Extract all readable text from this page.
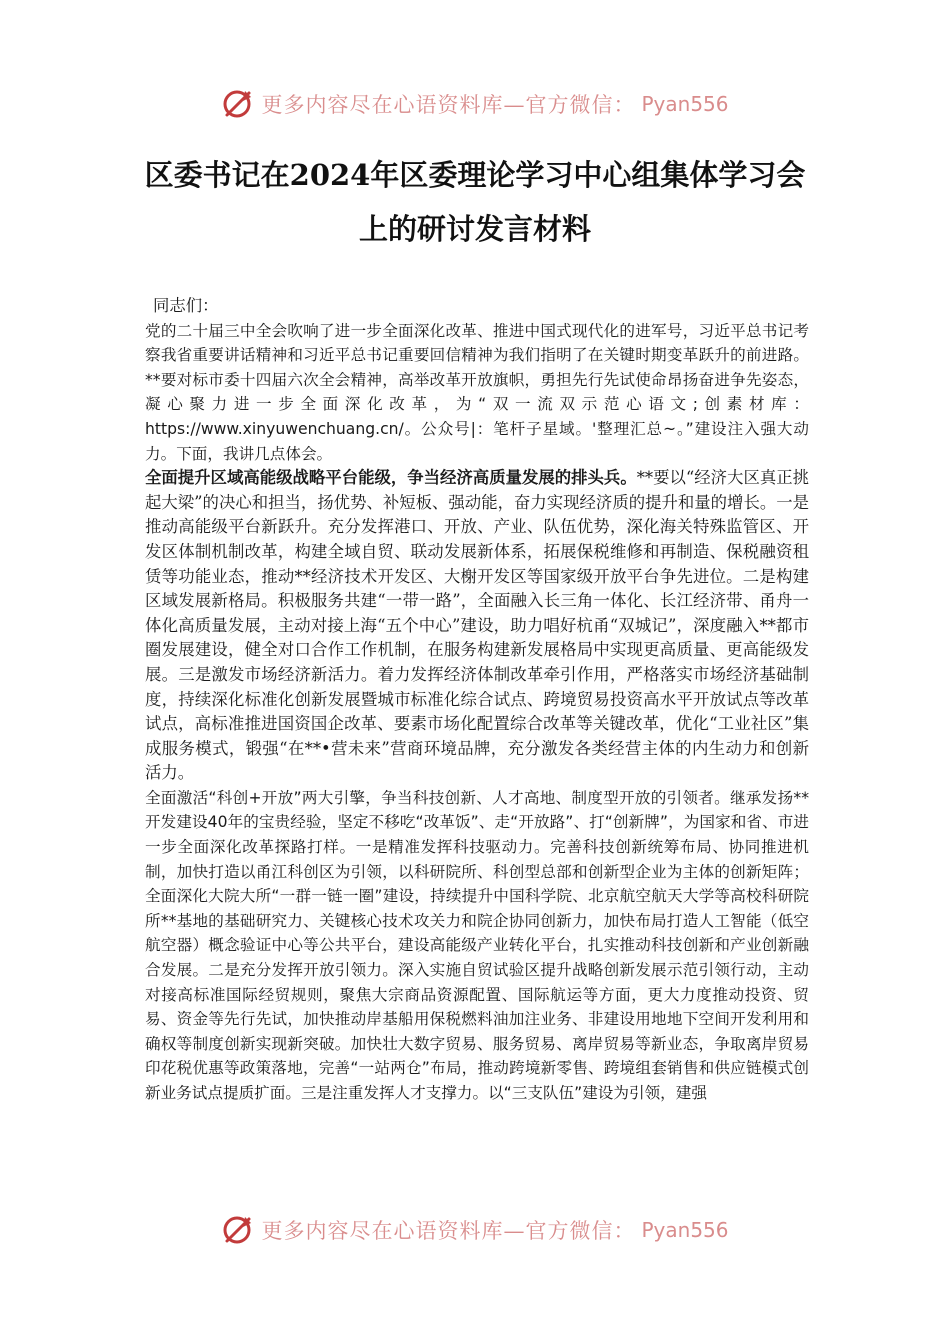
更多内容尽在心语资料库—官方微信： Pyan556
区委书记在2024年区委理论学习中心组集体学习会
上的研讨发言材料

同志们：

党的二十届三中全会吹响了进一步全面深化改革、推进中国式现代化的进军号，习近平总书记考察我省重要讲话精神和习近平总书记重要回信精神为我们指明了在关键时期变革跃升的前进路。**要对标市委十四届六次全会精神，高举改革开放旗帜，勇担先行先试使命昂扬奋进争先姿态，凝心聚力进一步全面深化改革，为“双一流双示范心语文;创素材库：https://www.xinyuwenchuang.cn/。公众号|：笔杆子星域。'整理汇总~。”建设注入强大动力。下面，我讲几点体会。

全面提升区域高能级战略平台能级，争当经济高质量发展的排头兵。**要以“经济大区真正挑起大梁”的决心和担当，扬优势、补短板、强动能，奋力实现经济质的提升和量的增长。一是推动高能级平台新跃升。充分发挥港口、开放、产业、队伍优势，深化海关特殊监管区、开发区体制机制改革，构建全域自贸、联动发展新体系，拓展保税维修和再制造、保税融资租赁等功能业态，推动**经济技术开发区、大榭开发区等国家级开放平台争先进位。二是构建区域发展新格局。积极服务共建“一带一路”，全面融入长三角一体化、长江经济带、甬舟一体化高质量发展，主动对接上海“五个中心”建设，助力唱好杭甬“双城记”，深度融入**都市圈发展建设，健全对口合作工作机制，在服务构建新发展格局中实现更高质量、更高能级发展。三是激发市场经济新活力。着力发挥经济体制改革牵引作用，严格落实市场经济基础制度，持续深化标准化创新发展暨城市标准化综合试点、跨境贸易投资高水平开放试点等改革试点，高标准推进国资国企改革、要素市场化配置综合改革等关键改革，优化“工业社区”集成服务模式，锻强“在**•营未来”营商环境品牌，充分激发各类经营主体的内生动力和创新活力。

全面激活“科创+开放”两大引擎，争当科技创新、人才高地、制度型开放的引领者。继承发扬**开发建设40年的宝贵经验，坚定不移吃“改革饭”、走“开放路”、打“创新牌”，为国家和省、市进一步全面深化改革探路打样。一是精准发挥科技驱动力。完善科技创新统筹布局、协同推进机制，加快打造以甬江科创区为引领，以科研院所、科创型总部和创新型企业为主体的创新矩阵；全面深化大院大所“一群一链一圈”建设，持续提升中国科学院、北京航空航天大学等高校科研院所**基地的基础研究力、关键核心技术攻关力和院企协同创新力，加快布局打造人工智能（低空航空器）概念验证中心等公共平台，建设高能级产业转化平台，扎实推动科技创新和产业创新融合发展。二是充分发挥开放引领力。深入实施自贸试验区提升战略创新发展示范引领行动，主动对接高标准国际经贸规则，聚焦大宗商品资源配置、国际航运等方面，更大力度推动投资、贸易、资金等先行先试，加快推动岸基船用保税燃料油加注业务、非建设用地地下空间开发利用和确权等制度创新实现新突破。加快壮大数字贸易、服务贸易、离岸贸易等新业态，争取离岸贸易印花税优惠等政策落地，完善“一站两仓”布局，推动跨境新零售、跨境组套销售和供应链模式创新业务试点提质扩面。三是注重发挥人才支撑力。以“三支队伍”建设为引领，建强

更多内容尽在心语资料库—官方微信： Pyan556
